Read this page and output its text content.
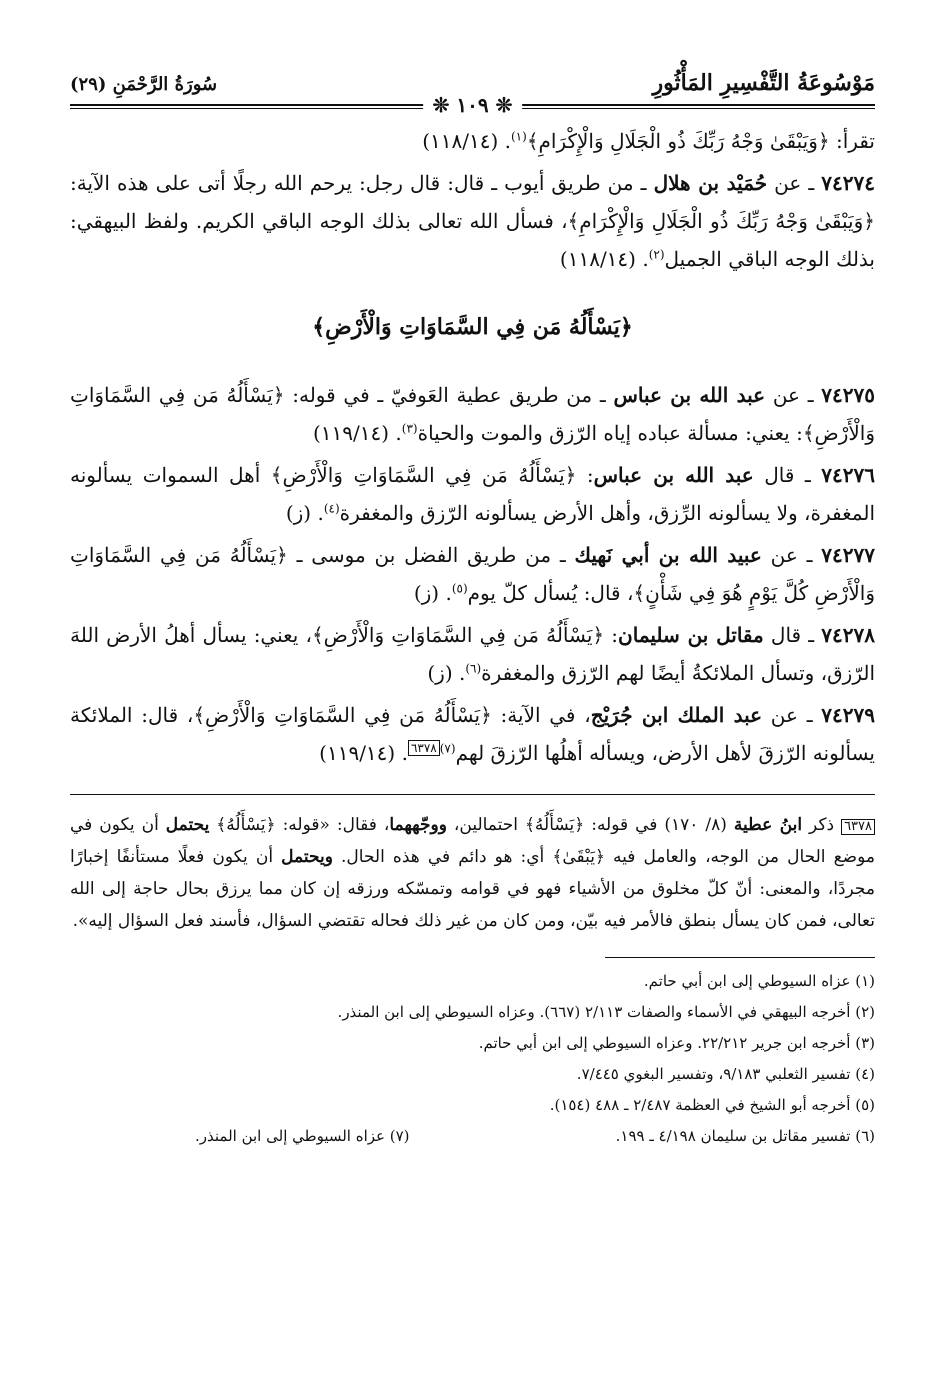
مَوْسُوعَةُ التَّفْسِيرِ المَأْثُورِ
سُورَةُ الرَّحْمَنِ (٢٩)
❊ ١٠٩ ❊

تقرأ: ﴿وَيَبْقَىٰ وَجْهُ رَبِّكَ ذُو الْجَلَالِ وَالْإِكْرَامِ﴾$^{(١)}$. (١١٨/١٤)

٧٤٢٧٤ ـ عن حُمَيْد بن هلال ـ من طريق أيوب ـ قال: قال رجل: يرحم الله رجلًا أتى على هذه الآية: ﴿وَيَبْقَىٰ وَجْهُ رَبِّكَ ذُو الْجَلَالِ وَالْإِكْرَامِ﴾، فسأل الله تعالى بذلك الوجه الباقي الكريم. ولفظ البيهقي: بذلك الوجه الباقي الجميل$^{(٢)}$. (١١٨/١٤)

﴿يَسْأَلُهُ مَن فِي السَّمَاوَاتِ وَالْأَرْضِ﴾

٧٤٢٧٥ ـ عن عبد الله بن عباس ـ من طريق عطية العَوفيّ ـ في قوله: ﴿يَسْأَلُهُ مَن فِي السَّمَاوَاتِ وَالْأَرْضِ﴾: يعني: مسألة عباده إياه الرّزق والموت والحياة$^{(٣)}$. (١١٩/١٤)

٧٤٢٧٦ ـ قال عبد الله بن عباس: ﴿يَسْأَلُهُ مَن فِي السَّمَاوَاتِ وَالْأَرْضِ﴾ أهل السموات يسألونه المغفرة، ولا يسألونه الرِّزق، وأهل الأرض يسألونه الرّزق والمغفرة$^{(٤)}$. (ز)

٧٤٢٧٧ ـ عن عبيد الله بن أبي نَهيك ـ من طريق الفضل بن موسى ـ ﴿يَسْأَلُهُ مَن فِي السَّمَاوَاتِ وَالْأَرْضِ كُلَّ يَوْمٍ هُوَ فِي شَأْنٍ﴾، قال: يُسأل كلّ يوم$^{(٥)}$. (ز)

٧٤٢٧٨ ـ قال مقاتل بن سليمان: ﴿يَسْأَلُهُ مَن فِي السَّمَاوَاتِ وَالْأَرْضِ﴾، يعني: يسأل أهلُ الأرض اللهَ الرّزق، وتسأل الملائكةُ أيضًا لهم الرّزق والمغفرة$^{(٦)}$. (ز)

٧٤٢٧٩ ـ عن عبد الملك ابن جُرَيْج، في الآية: ﴿يَسْأَلُهُ مَن فِي السَّمَاوَاتِ وَالْأَرْضِ﴾، قال: الملائكة يسألونه الرّزقَ لأهل الأرض، ويسأله أهلُها الرّزقَ لهم$^{(٧)}$٦٣٧٨. (١١٩/١٤)

٦٣٧٨ ذكر ابنُ عطية (٨/ ١٧٠) في قوله: ﴿يَسْأَلُهُ﴾ احتمالين، ووجّههما، فقال: «قوله: ﴿يَسْأَلُهُ﴾ يحتمل أن يكون في موضع الحال من الوجه، والعامل فيه ﴿يَبْقَىٰ﴾ أي: هو دائم في هذه الحال. ويحتمل أن يكون فعلًا مستأنفًا إخبارًا مجردًا، والمعنى: أنّ كلّ مخلوق من الأشياء فهو في قوامه وتمسّكه ورزقه إن كان مما يرزق بحال حاجة إلى الله تعالى، فمن كان يسأل بنطق فالأمر فيه بيّن، ومن كان من غير ذلك فحاله تقتضي السؤال، فأسند فعل السؤال إليه».
(١) عزاه السيوطي إلى ابن أبي حاتم.
(٢) أخرجه البيهقي في الأسماء والصفات ٢/١١٣ (٦٦٧). وعزاه السيوطي إلى ابن المنذر.
(٣) أخرجه ابن جرير ٢٢/٢١٢. وعزاه السيوطي إلى ابن أبي حاتم.
(٤) تفسير الثعلبي ٩/١٨٣، وتفسير البغوي ٧/٤٤٥.
(٥) أخرجه أبو الشيخ في العظمة ٢/٤٨٧ ـ ٤٨٨ (١٥٤).
(٦) تفسير مقاتل بن سليمان ٤/١٩٨ ـ ١٩٩.
(٧) عزاه السيوطي إلى ابن المنذر.
